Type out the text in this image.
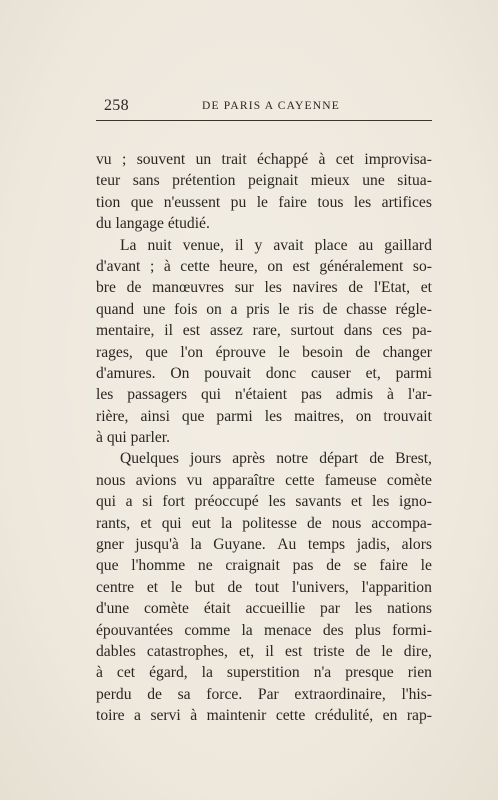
258	DE PARIS A CAYENNE
vu ; souvent un trait échappé à cet improvisa-
teur sans prétention peignait mieux une situa-
tion que n'eussent pu le faire tous les artifices
du langage étudié.
La nuit venue, il y avait place au gaillard
d'avant ; à cette heure, on est généralement so-
bre de manœuvres sur les navires de l'Etat, et
quand une fois on a pris le ris de chasse régle-
mentaire, il est assez rare, surtout dans ces pa-
rages, que l'on éprouve le besoin de changer
d'amures. On pouvait donc causer et, parmi
les passagers qui n'étaient pas admis à l'ar-
rière, ainsi que parmi les maitres, on trouvait
à qui parler.
Quelques jours après notre départ de Brest,
nous avions vu apparaître cette fameuse comète
qui a si fort préoccupé les savants et les igno-
rants, et qui eut la politesse de nous accompa-
gner jusqu'à la Guyane. Au temps jadis, alors
que l'homme ne craignait pas de se faire le
centre et le but de tout l'univers, l'apparition
d'une comète était accueillie par les nations
épouvantées comme la menace des plus formi-
dables catastrophes, et, il est triste de le dire,
à cet égard, la superstition n'a presque rien
perdu de sa force. Par extraordinaire, l'his-
toire a servi à maintenir cette crédulité, en rap-
